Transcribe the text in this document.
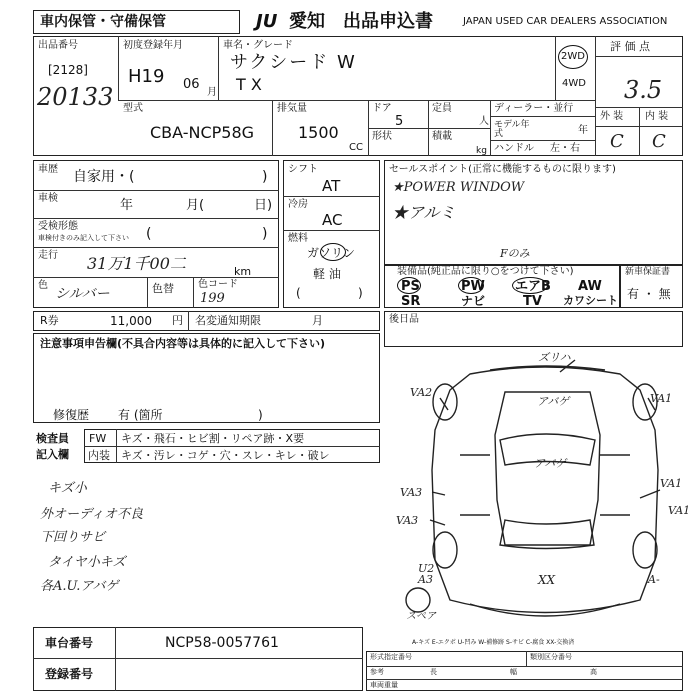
車内保管・守備保管	JU 愛知 出品申込書	JAPAN USED CAR DEALERS ASSOCIATION
出品番号
[2128]
20133
初度登録年月
H19 06
月
車名・グレード
サクシード W
T X
2WD
4WD
評 価 点
3.5
外 装 内 装
C C
型式
CBA-NCP58G
排気量
1500
CC
ドア
5
形状
定員
人
積載
kg
ディーラー・並行
モデル年式	年
ハンドル 左・右
車歴 自家用・(	)
車検	年	月(	日)
受検形態
車検付きのみ記入して下さい (	)
走行 31万1千00二	km
色
シルバー	色替 色コード
199
シフト
AT
冷房
AC
燃料
ガソリン
軽 油
(	)
セールスポイント(正常に機能するものに限ります)
★POWER WINDOW
★アルミ
Fのみ
装備品(純正品に限り○をつけて下さい)
PS	PW エアB AW
SR	ナビ	TV カワシート
新車保証書
有 ・ 無
R券	11,000 円 名変通知期限	月	後日品
注意事項申告欄(不具合内容等は具体的に記入して下さい)
修復歴 有 (箇所	)
検査員
記入欄
FW キズ・飛石・ヒビ割・リペア跡・X要
内装 キズ・汚レ・コゲ・穴・スレ・キレ・破レ
キズ小
外オーディオ不良
下回りサビ
タイヤ小キズ
各A.U.アバゲ
ズリハ
VA2
アバゲ	VA1
アバゲ
VA3
VA3
VA1
U2
A3	XX	A-
スペア
VA1
A-キズ E-エクボ U-凹み W-補修跡 S-サビ C-腐食 XX-交換済
車台番号	NCP58-0057761
登録番号
形式指定番号	類別区分番号
参考	長	幅	高
車両重量
